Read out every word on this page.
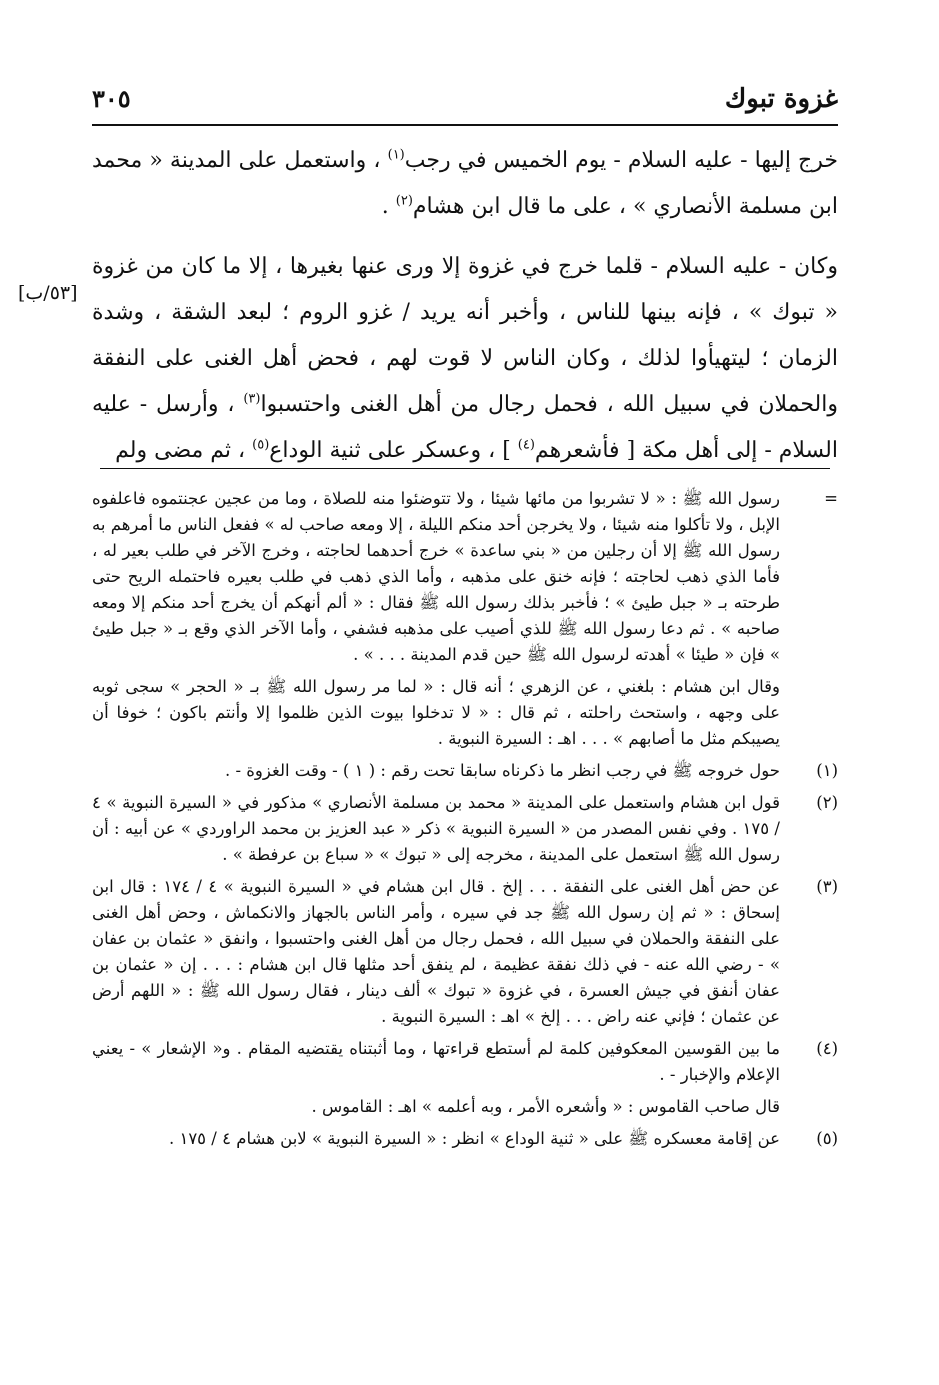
غزوة تبوك
٣٠٥

خرج إليها - عليه السلام - يوم الخميس في رجب$^{(١)}$ ، واستعمل على المدينة « محمد ابن مسلمة الأنصاري » ، على ما قال ابن هشام$^{(٢)}$ .

وكان - عليه السلام - قلما خرج في غزوة إلا ورى عنها بغيرها ، إلا ما كان من غزوة « تبوك » ، فإنه بينها للناس ، وأخبر أنه يريد / غزو الروم ؛ لبعد الشقة ، وشدة الزمان ؛ ليتهيأوا لذلك ، وكان الناس لا قوت لهم ، فحض أهل الغنى على النفقة والحملان في سبيل الله ، فحمل رجال من أهل الغنى واحتسبوا$^{(٣)}$ ، وأرسل - عليه السلام - إلى أهل مكة [ فأشعرهم$^{(٤)}$ ] ، وعسكر على ثنية الوداع$^{(٥)}$ ، ثم مضى ولم

[٥٣/ب]
=

رسول الله ﷺ : « لا تشربوا من مائها شيئا ، ولا تتوضئوا منه للصلاة ، وما من عجين عجنتموه فاعلفوه الإبل ، ولا تأكلوا منه شيئا ، ولا يخرجن أحد منكم الليلة ، إلا ومعه صاحب له » ففعل الناس ما أمرهم به رسول الله ﷺ إلا أن رجلين من « بني ساعدة » خرج أحدهما لحاجته ، وخرج الآخر في طلب بعير له ، فأما الذي ذهب لحاجته ؛ فإنه خنق على مذهبه ، وأما الذي ذهب في طلب بعيره فاحتمله الريح حتى طرحته بـ « جبل طيئ » ؛ فأخبر بذلك رسول الله ﷺ فقال : « ألم أنهكم أن يخرج أحد منكم إلا ومعه صاحبه » . ثم دعا رسول الله ﷺ للذي أصيب على مذهبه فشفي ، وأما الآخر الذي وقع بـ « جبل طيئ » فإن « طيئا » أهدته لرسول الله ﷺ حين قدم المدينة . . . » .

وقال ابن هشام : بلغني ، عن الزهري ؛ أنه قال : « لما مر رسول الله ﷺ بـ « الحجر » سجى ثوبه على وجهه ، واستحث راحلته ، ثم قال : « لا تدخلوا بيوت الذين ظلموا إلا وأنتم باكون ؛ خوفا أن يصيبكم مثل ما أصابهم » . . . اهـ : السيرة النبوية .

(١)

حول خروجه ﷺ في رجب انظر ما ذكرناه سابقا تحت رقم : ( ١ ) - وقت الغزوة - .

(٢)

قول ابن هشام واستعمل على المدينة « محمد بن مسلمة الأنصاري » مذكور في « السيرة النبوية » ٤ / ١٧٥ . وفي نفس المصدر من « السيرة النبوية » ذكر « عبد العزيز بن محمد الراوردي » عن أبيه : أن رسول الله ﷺ استعمل على المدينة ، مخرجه إلى « تبوك » « سباع بن عرفطة » .

(٣)

عن حض أهل الغنى على النفقة . . . إلخ . قال ابن هشام في « السيرة النبوية » ٤ / ١٧٤ : قال ابن إسحاق : « ثم إن رسول الله ﷺ جد في سيره ، وأمر الناس بالجهاز والانكماش ، وحض أهل الغنى على النفقة والحملان في سبيل الله ، فحمل رجال من أهل الغنى واحتسبوا ، وانفق « عثمان بن عفان » - رضي الله عنه - في ذلك نفقة عظيمة ، لم ينفق أحد مثلها قال ابن هشام : . . . إن « عثمان بن عفان أنفق في جيش العسرة ، في غزوة « تبوك » ألف دينار ، فقال رسول الله ﷺ : « اللهم أرض عن عثمان ؛ فإني عنه راض . . . إلخ » اهـ : السيرة النبوية .

(٤)

ما بين القوسين المعكوفين كلمة لم أستطع قراءتها ، وما أثبتناه يقتضيه المقام . و« الإشعار » - يعني الإعلام والإخبار - .

قال صاحب القاموس : « وأشعره الأمر ، وبه أعلمه » اهـ : القاموس .

(٥)

عن إقامة معسكره ﷺ على « ثنية الوداع » انظر : « السيرة النبوية » لابن هشام ٤ / ١٧٥ .
